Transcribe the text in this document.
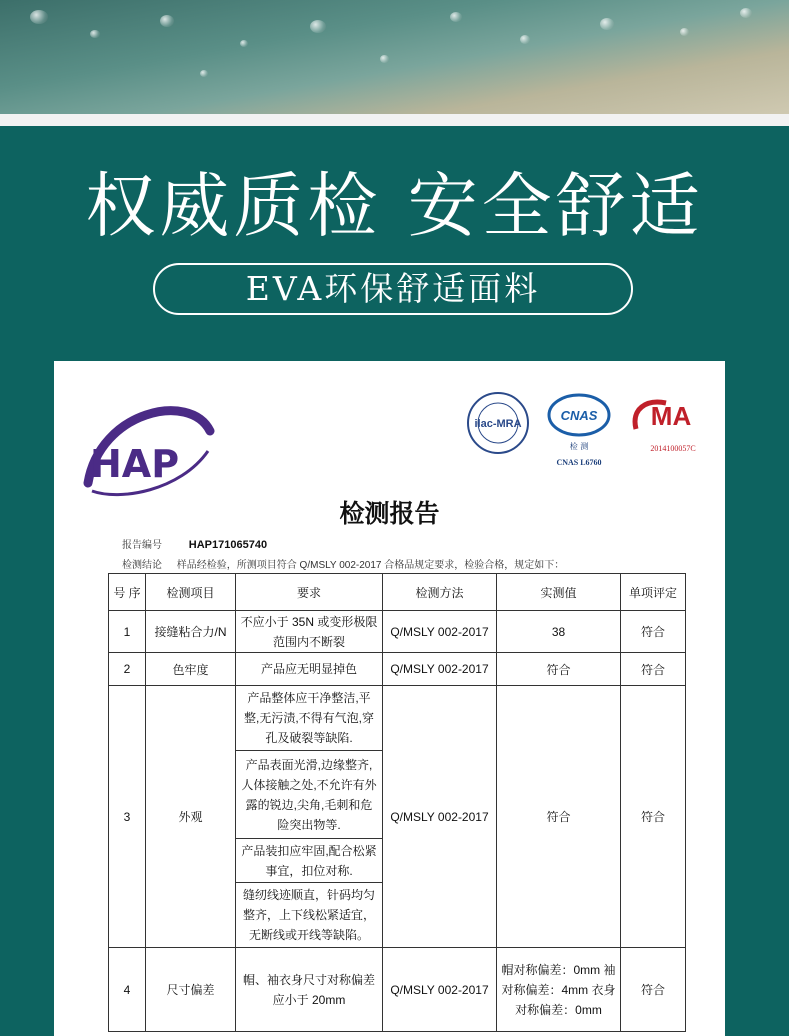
权威质检 安全舒适
EVA环保舒适面料
HAP
ilac-MRA
CNAS
检 测
CNAS L6760
MA
2014100057C
检测报告
报告编号 HAP171065740
检测结论 样品经检验，所测项目符合 Q/MSLY 002-2017 合格品规定要求，检验合格，规定如下：
号 序	检测项目	要求	检测方法	实测值	单项评定
1	接缝粘合力/N	不应小于 35N 或变形极限范围内不断裂	Q/MSLY 002-2017	38	符合
2	色牢度	产品应无明显掉色	Q/MSLY 002-2017	符合	符合
3	外观	产品整体应干净整洁,平整,无污渍,不得有气泡,穿孔及破裂等缺陷.	Q/MSLY 002-2017	符合	符合
		产品表面光滑,边缘整齐,人体接触之处,不允许有外露的锐边,尖角,毛刺和危险突出物等.			
		产品装扣应牢固,配合松紧事宜，扣位对称.			
		缝纫线迹顺直，针码均匀整齐，上下线松紧适宜，无断线或开线等缺陷。			
4	尺寸偏差	帽、袖衣身尺寸对称偏差应小于 20mm	Q/MSLY 002-2017	帽对称偏差：0mm 袖对称偏差：4mm 衣身对称偏差：0mm	符合
